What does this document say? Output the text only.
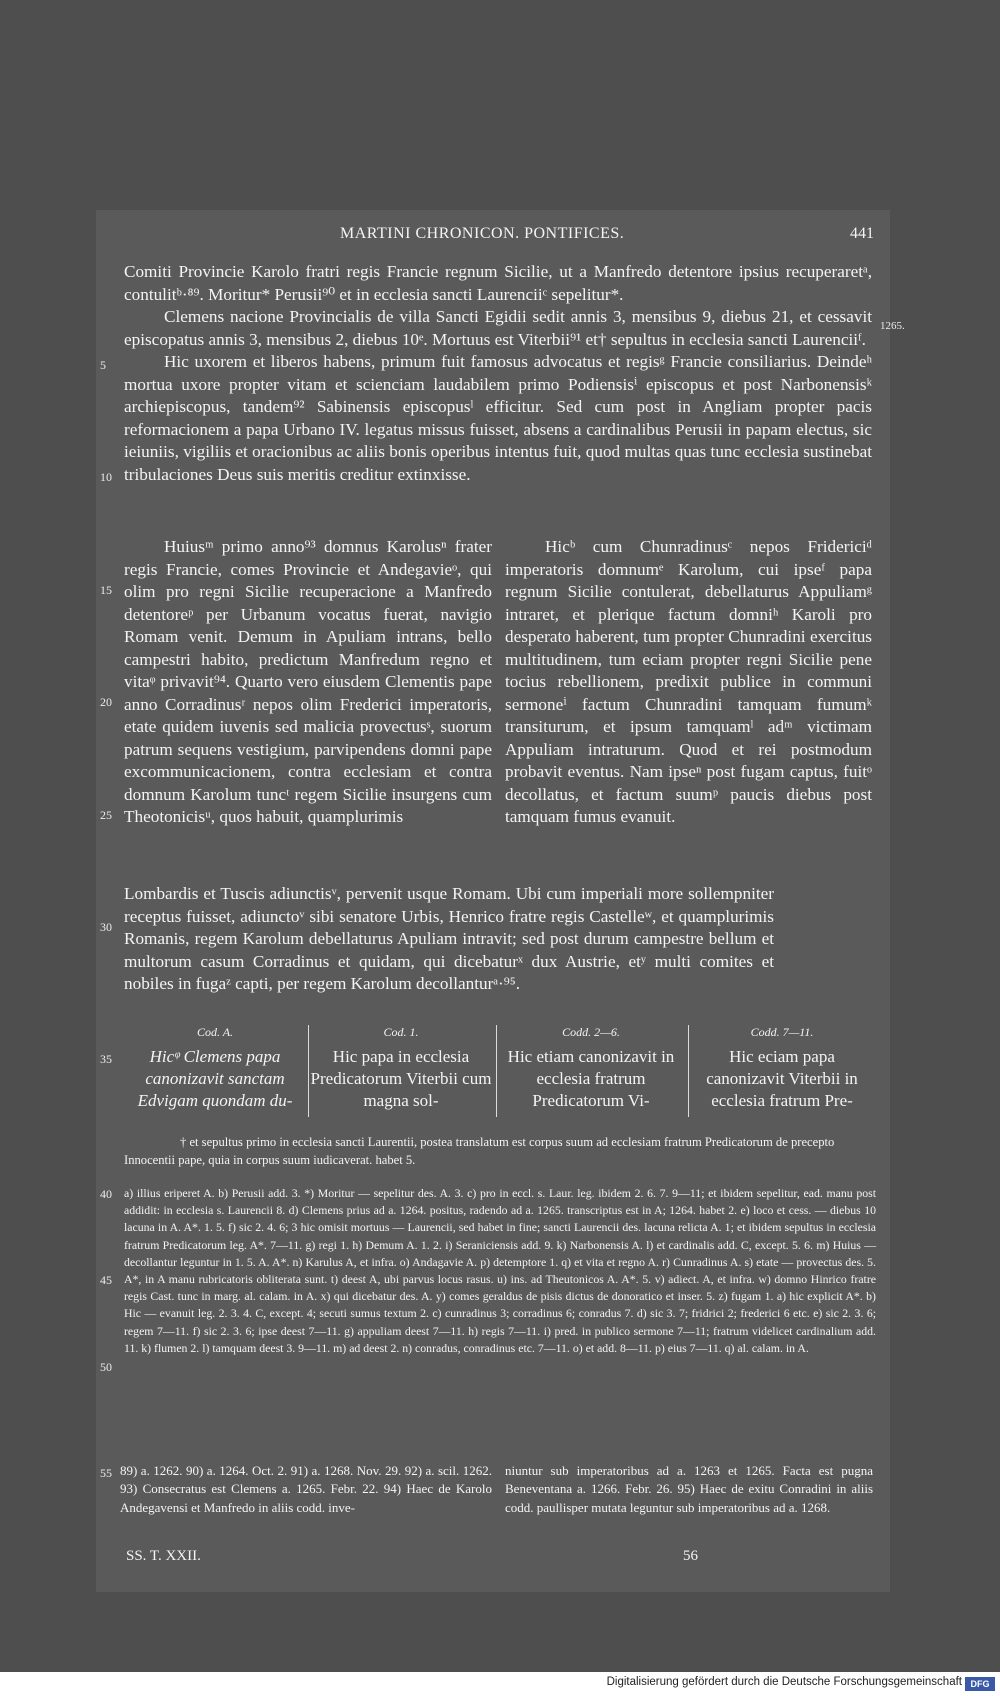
MARTINI CHRONICON. PONTIFICES.	441
1265.
5
10
15
20
25
30
35
40
45
50
55

Comiti Provincie Karolo fratri regis Francie regnum Sicilie, ut a Manfredo detentore ipsius recuperaretᵃ, contulitᵇ·⁸⁹. Moritur* Perusii⁹⁰ et in ecclesia sancti Laurenciiᶜ sepelitur*.

Clemens nacione Provincialis de villa Sancti Egidii sedit annis 3, mensibus 9, diebus 21, et cessavit episcopatus annis 3, mensibus 2, diebus 10ᵉ. Mortuus est Viterbii⁹¹ et† sepultus in ecclesia sancti Laurenciiᶠ.

Hic uxorem et liberos habens, primum fuit famosus advocatus et regisᵍ Francie consiliarius. Deindeʰ mortua uxore propter vitam et scienciam laudabilem primo Podiensisⁱ episcopus et post Narbonensisᵏ archiepiscopus, tandem⁹² Sabinensis episcopusˡ efficitur. Sed cum post in Angliam propter pacis reformacionem a papa Urbano IV. legatus missus fuisset, absens a cardinalibus Perusii in papam electus, sic ieiuniis, vigiliis et oracionibus ac aliis bonis operibus intentus fuit, quod multas quas tunc ecclesia sustinebat tribulaciones Deus suis meritis creditur extinxisse.

Huiusᵐ primo anno⁹³ domnus Karolusⁿ frater regis Francie, comes Provincie et Andegavieᵒ, qui olim pro regni Sicilie recuperacione a Manfredo detentoreᵖ per Urbanum vocatus fuerat, navigio Romam venit. Demum in Apuliam intrans, bello campestri habito, predictum Manfredum regno et vitaᵠ privavit⁹⁴. Quarto vero eiusdem Clementis pape anno Corradinusʳ nepos olim Frederici imperatoris, etate quidem iuvenis sed malicia provectusˢ, suorum patrum sequens vestigium, parvipendens domni pape excommunicacionem, contra ecclesiam et contra domnum Karolum tuncᵗ regem Sicilie insurgens cum Theotonicisᵘ, quos habuit, quamplurimis

Hicᵇ cum Chunradinusᶜ nepos Fridericiᵈ imperatoris domnumᵉ Karolum, cui ipseᶠ papa regnum Sicilie contulerat, debellaturus Appuliamᵍ intraret, et plerique factum domniʰ Karoli pro desperato haberent, tum propter Chunradini exercitus multitudinem, tum eciam propter regni Sicilie pene tocius rebellionem, predixit publice in communi sermoneⁱ factum Chunradini tamquam fumumᵏ transiturum, et ipsum tamquamˡ adᵐ victimam Appuliam intraturum. Quod et rei postmodum probavit eventus. Nam ipseⁿ post fugam captus, fuitᵒ decollatus, et factum suumᵖ paucis diebus post tamquam fumus evanuit.

Lombardis et Tuscis adiunctisᵛ, pervenit usque Romam. Ubi cum imperiali more sollempniter receptus fuisset, adiunctoᵛ sibi senatore Urbis, Henrico fratre regis Castelleʷ, et quamplurimis Romanis, regem Karolum debellaturus Apuliam intravit; sed post durum campestre bellum et multorum casum Corradinus et quidam, qui dicebaturˣ dux Austrie, etʸ multi comites et nobiles in fugaᶻ capti, per regem Karolum decollanturᵃ·⁹⁵.

Cod. A.
Hicᵠ Clemens papa canonizavit sanctam Edvigam quondam du-
Cod. 1.
Hic papa in ecclesia Predicatorum Viterbii cum magna sol-
Codd. 2—6.
Hic etiam canonizavit in ecclesia fratrum Predicatorum Vi-
Codd. 7—11.
Hic eciam papa canonizavit Viterbii in ecclesia fratrum Pre-
† et sepultus primo in ecclesia sancti Laurentii, postea translatum est corpus suum ad ecclesiam fratrum Predicatorum de precepto Innocentii pape, quia in corpus suum iudicaverat. habet 5.
a) illius eriperet A. b) Perusii add. 3. *) Moritur — sepelitur des. A. 3. c) pro in eccl. s. Laur. leg. ibidem 2. 6. 7. 9—11; et ibidem sepelitur, ead. manu post addidit: in ecclesia s. Laurencii 8. d) Clemens prius ad a. 1264. positus, radendo ad a. 1265. transcriptus est in A; 1264. habet 2. e) loco et cess. — diebus 10 lacuna in A. A*. 1. 5. f) sic 2. 4. 6; 3 hic omisit mortuus — Laurencii, sed habet in fine; sancti Laurencii des. lacuna relicta A. 1; et ibidem sepultus in ecclesia fratrum Predicatorum leg. A*. 7—11. g) regi 1. h) Demum A. 1. 2. i) Seraniciensis add. 9. k) Narbonensis A. l) et cardinalis add. C, except. 5. 6. m) Huius — decollantur leguntur in 1. 5. A. A*. n) Karulus A, et infra. o) Andagavie A. p) detemptore 1. q) et vita et regno A. r) Cunradinus A. s) etate — provectus des. 5. A*, in A manu rubricatoris obliterata sunt. t) deest A, ubi parvus locus rasus. u) ins. ad Theutonicos A. A*. 5. v) adiect. A, et infra. w) domno Hinrico fratre regis Cast. tunc in marg. al. calam. in A. x) qui dicebatur des. A. y) comes geraldus de pisis dictus de donoratico et inser. 5. z) fugam 1. a) hic explicit A*. b) Hic — evanuit leg. 2. 3. 4. C, except. 4; secuti sumus textum 2. c) cunradinus 3; corradinus 6; conradus 7. d) sic 3. 7; fridrici 2; frederici 6 etc. e) sic 2. 3. 6; regem 7—11. f) sic 2. 3. 6; ipse deest 7—11. g) appuliam deest 7—11. h) regis 7—11. i) pred. in publico sermone 7—11; fratrum videlicet cardinalium add. 11. k) flumen 2. l) tamquam deest 3. 9—11. m) ad deest 2. n) conradus, conradinus etc. 7—11. o) et add. 8—11. p) eius 7—11. q) al. calam. in A.
89) a. 1262. 90) a. 1264. Oct. 2. 91) a. 1268. Nov. 29. 92) a. scil. 1262. 93) Consecratus est Clemens a. 1265. Febr. 22. 94) Haec de Karolo Andegavensi et Manfredo in aliis codd. inve-
niuntur sub imperatoribus ad a. 1263 et 1265. Facta est pugna Beneventana a. 1266. Febr. 26. 95) Haec de exitu Conradini in aliis codd. paullisper mutata leguntur sub imperatoribus ad a. 1268.
SS. T. XXII.	56
Digitalisierung gefördert durch die Deutsche Forschungsgemeinschaft DFG
